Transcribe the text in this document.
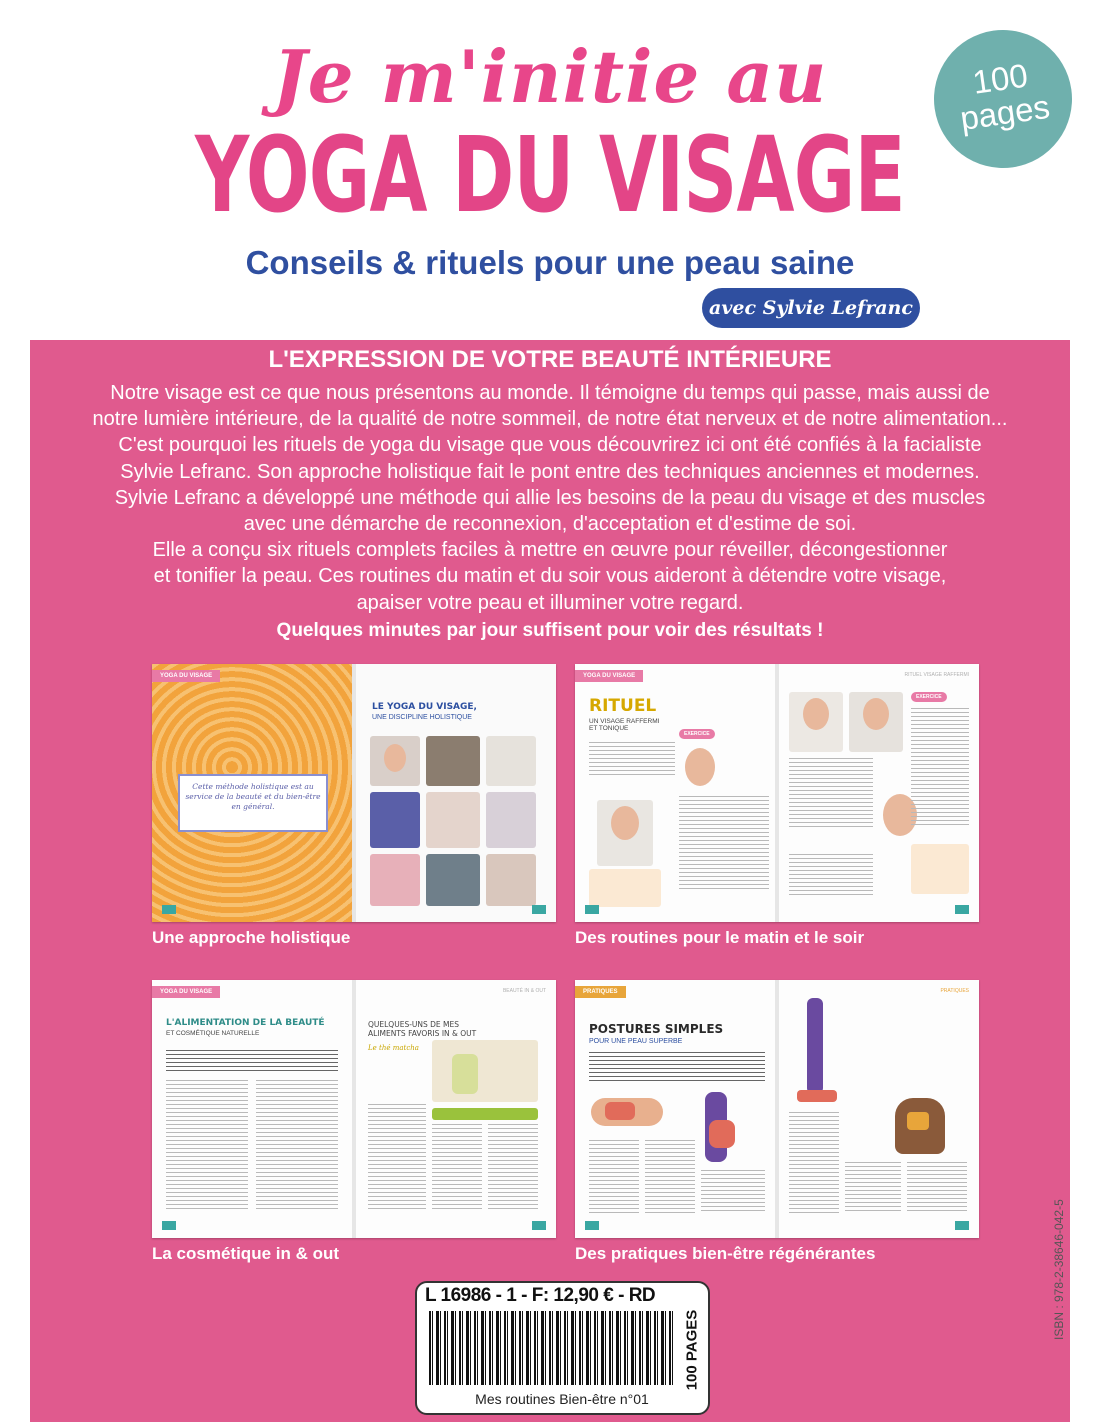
Je m'initie au
YOGA DU VISAGE
Conseils & rituels pour une peau saine
avec Sylvie Lefranc
100
pages
L'EXPRESSION DE VOTRE BEAUTÉ INTÉRIEURE

Notre visage est ce que nous présentons au monde. Il témoigne du temps qui passe, mais aussi de

notre lumière intérieure, de la qualité de notre sommeil, de notre état nerveux et de notre alimentation...

C'est pourquoi les rituels de yoga du visage que vous découvrirez ici ont été confiés à la facialiste

Sylvie Lefranc. Son approche holistique fait le pont entre des techniques anciennes et modernes.

Sylvie Lefranc a développé une méthode qui allie les besoins de la peau du visage et des muscles

avec une démarche de reconnexion, d'acceptation et d'estime de soi.

Elle a conçu six rituels complets faciles à mettre en œuvre pour réveiller, décongestionner

et tonifier la peau. Ces routines du matin et du soir vous aideront à détendre votre visage,

apaiser votre peau et illuminer votre regard.

Quelques minutes par jour suffisent pour voir des résultats !
YOGA DU VISAGE
Cette méthode holistique est au service de la beauté et du bien-être en général.
LE YOGA DU VISAGE,
UNE DISCIPLINE HOLISTIQUE
Une approche holistique
YOGA DU VISAGE	RITUEL VISAGE RAFFERMI
RITUEL
UN VISAGE RAFFERMI ET TONIQUE
EXERCICE
EXERCICE
Des routines pour le matin et le soir
YOGA DU VISAGE	BEAUTÉ IN & OUT
L'ALIMENTATION DE LA BEAUTÉ
ET COSMÉTIQUE NATURELLE
QUELQUES-UNS DE MES ALIMENTS FAVORIS IN & OUT
Le thé matcha
La cosmétique in & out
PRATIQUES	PRATIQUES
POSTURES SIMPLES
POUR UNE PEAU SUPERBE
Des pratiques bien-être régénérantes
L 16986 - 1 - F: 12,90 € - RD
100 PAGES
Mes routines Bien-être n°01
ISBN : 978-2-38646-042-5
